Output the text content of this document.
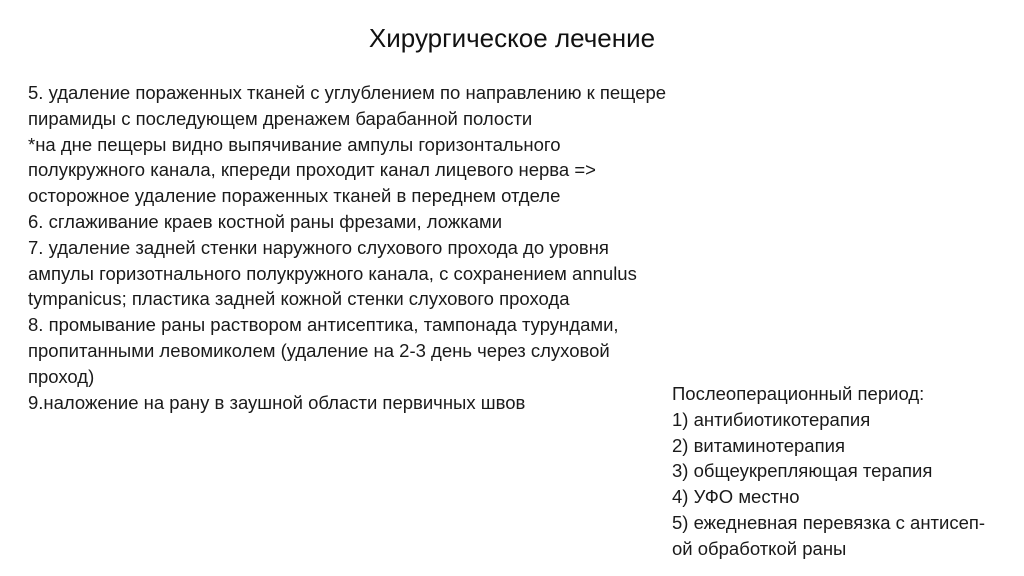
Хирургическое лечение
5. удаление пораженных тканей с углублением по направлению к пещере
пирамиды с последующем дренажем барабанной полости
*на дне пещеры видно выпячивание ампулы горизонтального
полукружного канала, кпереди проходит канал лицевого нерва =>
осторожное удаление пораженных тканей в переднем отделе
6. сглаживание краев костной раны фрезами, ложками
7. удаление задней стенки наружного слухового прохода до уровня
ампулы горизотнального полукружного канала, с сохранением annulus
tympanicus; пластика задней кожной стенки слухового прохода
8. промывание раны раствором антисептика, тампонада турундами,
пропитанными левомиколем (удаление на 2-3 день через слуховой
проход)
9.наложение на рану в заушной области первичных швов	Послеоперационный период:
1) антибиотикотерапия
2) витаминотерапия
3) общеукрепляющая терапия
4) УФО местно
5) ежедневная перевязка с антисеп-
ой обработкой раны
